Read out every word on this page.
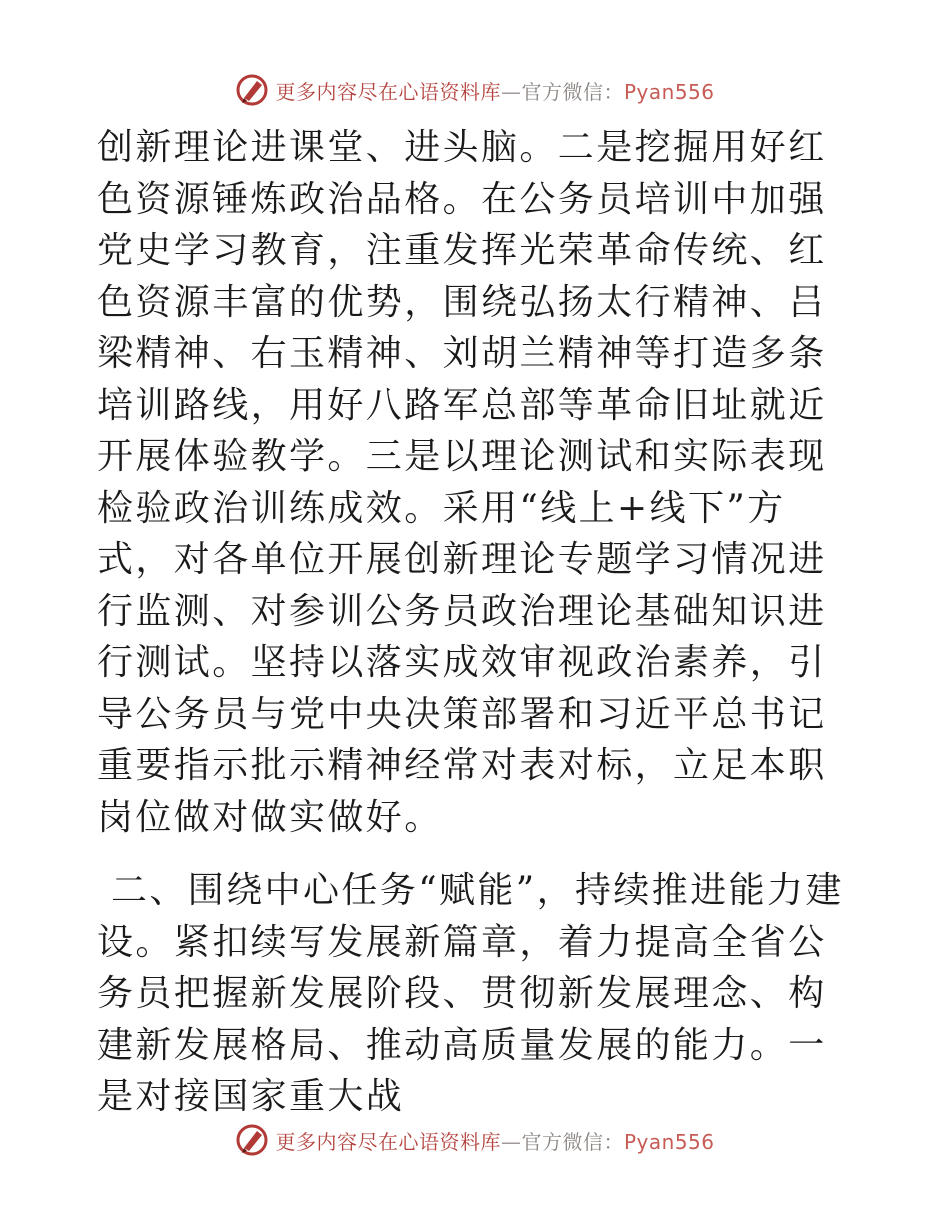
更多内容尽在心语资料库—官方微信：Pyan556

创新理论进课堂、进头脑。二是挖掘用好红色资源锤炼政治品格。在公务员培训中加强党史学习教育，注重发挥光荣革命传统、红色资源丰富的优势，围绕弘扬太行精神、吕梁精神、右玉精神、刘胡兰精神等打造多条培训路线，用好八路军总部等革命旧址就近开展体验教学。三是以理论测试和实际表现检验政治训练成效。采用“线上+线下”方式，对各单位开展创新理论专题学习情况进行监测、对参训公务员政治理论基础知识进行测试。坚持以落实成效审视政治素养，引导公务员与党中央决策部署和习近平总书记重要指示批示精神经常对表对标，立足本职岗位做对做实做好。

二、围绕中心任务“赋能”，持续推进能力建设。紧扣续写发展新篇章，着力提高全省公务员把握新发展阶段、贯彻新发展理念、构建新发展格局、推动高质量发展的能力。一是对接国家重大战

更多内容尽在心语资料库—官方微信：Pyan556
